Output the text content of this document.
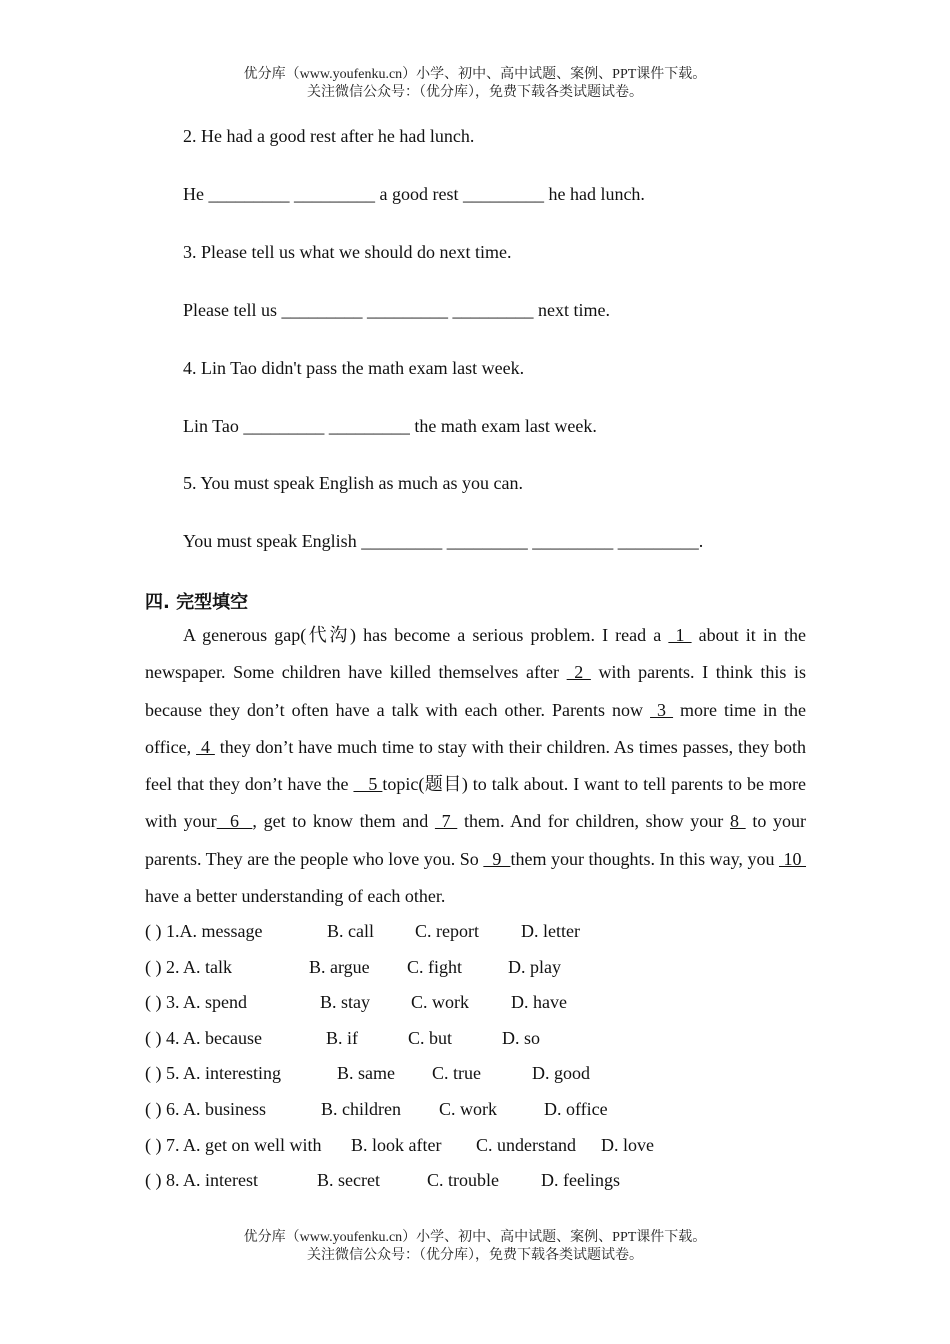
优分库（www.youfenku.cn）小学、初中、高中试题、案例、PPT课件下载。
关注微信公众号：（优分库），免费下载各类试题试卷。
2. He had a good rest after he had lunch.
He _________ _________ a good rest _________ he had lunch.
3. Please tell us what we should do next time.
Please tell us _________ _________ _________ next time.
4. Lin Tao didn't pass the math exam last week.
Lin Tao _________ _________ the math exam last week.
5. You must speak English as much as you can.
You must speak English _________ _________ _________ _________.
四. 完型填空
A generous gap(代沟) has become a serious problem. I read a  1  about it in the newspaper. Some children have killed themselves after  2  with parents. I think this is because they don’t often have a talk with each other. Parents now  3  more time in the office,  4  they don’t have much time to stay with their children. As times passes, they both feel that they don’t have the    5 topic(题目) to talk about. I want to tell parents to be more with your  6  , get to know them and  7  them. And for children, show your 8  to your parents. They are the people who love you. So   9  them your thoughts. In this way, you  10  have a better understanding of each other.
( ) 1.A. message	B. call C. report D. letter
( ) 2. A. talk	B. argue C. fight	D. play
( ) 3. A. spend	B. stay C. work D. have
( ) 4. A. because	B. if	C. but	D. so
( ) 5. A. interesting	B. same C. true	D. good
( ) 6. A. business	B. children C. work	D. office
( ) 7. A. get on well with B. look after C. understand D. love
( ) 8. A. interest	B. secret	C. trouble D. feelings
优分库（www.youfenku.cn）小学、初中、高中试题、案例、PPT课件下载。
关注微信公众号：（优分库），免费下载各类试题试卷。
